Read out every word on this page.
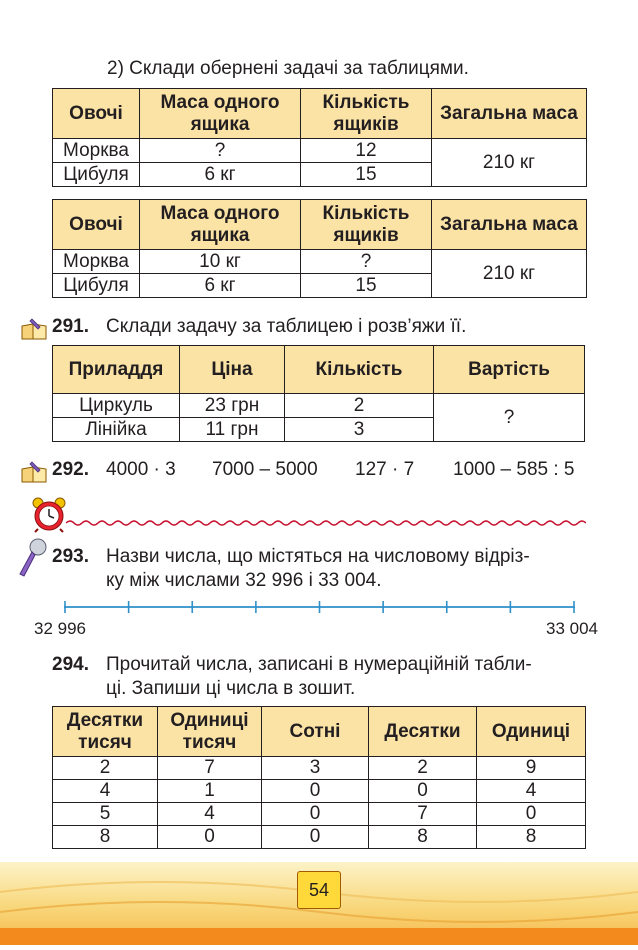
2) Склади обернені задачі за таблицями.
Овочі	Маса одного ящика	Кількість ящиків	Загальна маса
Морква	?	12	210 кг
Цибуля	6 кг	15	
Овочі	Маса одного ящика	Кількість ящиків	Загальна маса
Морква	10 кг	?	210 кг
Цибуля	6 кг	15	
291. Склади задачу за таблицею і розв’яжи її.
Приладдя	Ціна	Кількість	Вартість
Циркуль	23 грн	2	?
Лінійка	11 грн	3	
292. 4000 · 3 7000 – 5000 127 · 7 1000 – 585 : 5
293. Назви числа, що містяться на числовому відріз-
ку між числами 32 996 і 33 004.
32 996	33 004
294. Прочитай числа, записані в нумераційній табли-
ці. Запиши ці числа в зошит.
Десятки тисяч	Одиниці тисяч	Сотні	Десятки	Одиниці
2	7	3	2	9
4	1	0	0	4
5	4	0	7	0
8	0	0	8	8
54
